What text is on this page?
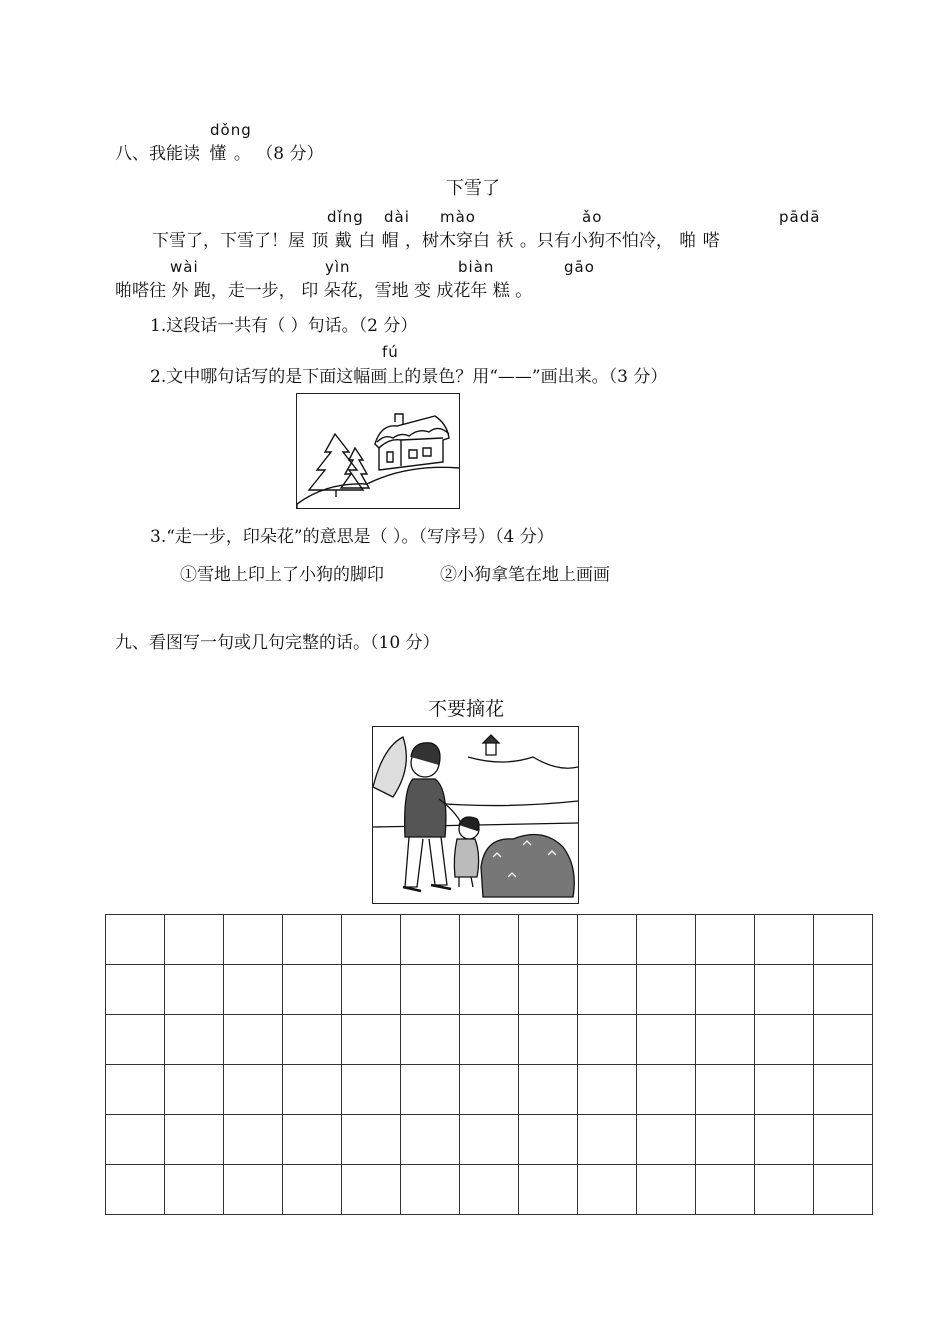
dǒng
八、我能读 懂 。 （8 分）
下雪了
dǐng dài mào	ǎo	pādā
下雪了，下雪了！屋 顶 戴 白 帽 ，树木穿白 袄 。只有小狗不怕冷， 啪 嗒
wài	yìn	biàn	gāo
啪嗒往 外 跑，走一步， 印 朵花，雪地 变 成花年 糕 。
1.这段话一共有（ ）句话。（2 分）
fú
2.文中哪句话写的是下面这幅画上的景色？用“——”画出来。（3 分）
3.“走一步，印朵花”的意思是（ ）。（写序号）（4 分）
①雪地上印上了小狗的脚印	②小狗拿笔在地上画画
九、看图写一句或几句完整的话。（10 分）
不要摘花
